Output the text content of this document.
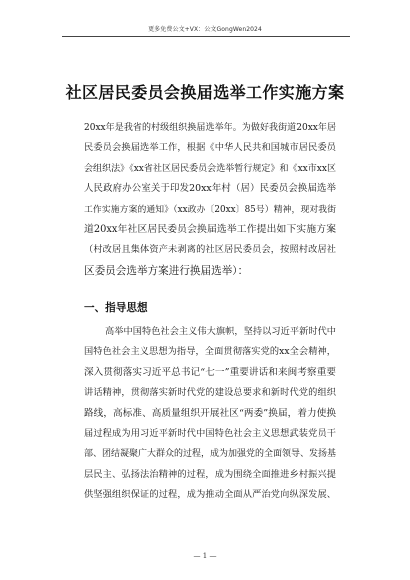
更多免费公文+VX：公文GongWen2024
社区居民委员会换届选举工作实施方案
20xx年是我省的村级组织换届选举年。为做好我街道20xx年居
民委员会换届选举工作，根据《中华人民共和国城市居民委员
会组织法》《xx省社区居民委员会选举暂行规定》和《xx市xx区
人民政府办公室关于印发20xx年村（居）民委员会换届选举
工作实施方案的通知》（xx政办〔20xx〕85号）精神，现对我街
道20xx年社区居民委员会换届选举工作提出如下实施方案
（村改居且集体资产未剥离的社区居民委员会，按照村改居社
区委员会选举方案进行换届选举）：
一、指导思想
高举中国特色社会主义伟大旗帜，坚持以习近平新时代中
国特色社会主义思想为指导，全面贯彻落实党的xx全会精神，
深入贯彻落实习近平总书记“七一”重要讲话和来闽考察重要
讲话精神，贯彻落实新时代党的建设总要求和新时代党的组织
路线，高标准、高质量组织开展社区“两委”换届，着力使换
届过程成为用习近平新时代中国特色社会主义思想武装党员干
部、团结凝聚广大群众的过程，成为加强党的全面领导、发扬基
层民主、弘扬法治精神的过程，成为围绕全面推进乡村振兴提
供坚强组织保证的过程，成为推动全面从严治党向纵深发展、
— 1 —
